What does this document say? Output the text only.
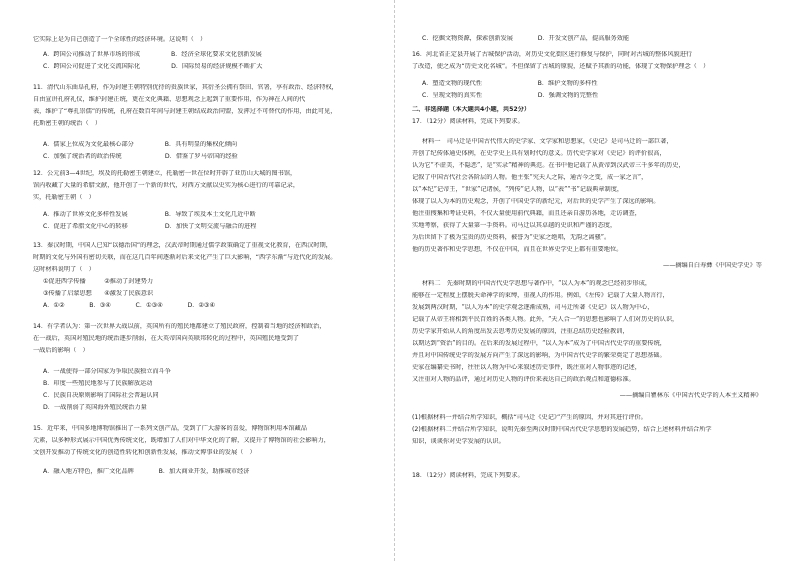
它实际上是为自己创造了一个全球性的经济环境。这说明（　）
A．跨国公司推动了世界市场的形成　　　　　B．经济全球化要求文化创新发展
C．跨国公司促进了文化交流国际化　　　　　D．国际贸易的经济规模不断扩大
11．清代山东曲阜孔府，作为封建王朝特别优待的贵族世家，其衍圣公拥有祭田、官署，享有政治、经济特权，
自由宣讲孔府礼仪，维护封建正统，更在文化典籍、思想观念上起到了重要作用，作为神在人间的代
表，维护了“尊孔崇儒”的传统，孔府在数百年间与封建王朝结成政治同盟，发挥过不可替代的作用，由此可见，
托斯密王朝的统治（　）
A．儒家上位成为文化最核心部分　　　　　B．具有明显的集权化倾向
C．加强了统治者的政治传统　　　　　　　D．借鉴了罗马帝国的经验
12．公元前3—4世纪，埃及的托勒密王朝建立，托勒密一世在位时开辟了亚历山大城的图书馆，
馆内收藏了大量的希腊文献，他开创了一个新的世代，对西方文献以史实为核心进行的可靠记录，
实，托勒密王朝（　）
A．推动了世界文化多样性发展　　　　　　B．导致了埃及本土文化几近中断
C．促进了希腊文化中心的转移　　　　　　D．加快了文明交流与融合的进程
13．秦汉时期，中国人已知“以德治国”的理念，汉武帝时期通过儒学政策确定了重视文化教育，在西汉时期，
时期的文化与外国有密切关联，而在这几百年间逐渐对后来文化产生了巨大影响，“西学东渐”与近代化的发展。
这时材料说明了（　）
①促进西学传播　　　②推动了封建势力
③传播了启蒙思想　　④激发了民族意识
A．①②　　　　B．③④　　　　C．①③④　　　　D．②③④
14．有学者认为：第一次世界大战以前，英国所有的殖民地都建立了殖民政府，控制着当地的经济和政治，
在一战后，英国对殖民地的统治逐步削弱，在大英帝国向英联邦转化的过程中，英国殖民地受到了
一战后的影响（　）
A．一战使得一部分国家为争取民族独立而斗争
B．印度一些殖民地参与了民族解放运动
C．民族自决原则影响了国际社会普遍认同
D．一战削弱了英国海外殖民统治力量
15．近年来，中国多地博物馆推出了一系列文创产品，受到了广大游客的喜爱，博物馆利用本馆藏品
元素，以多种形式展示中国优秀传统文化，既增加了人们对中华文化的了解，又提升了博物馆的社会影响力，
文创开发推动了传统文化的创造性转化和创新性发展，推动文博事业的发展（　）
A．融入地方特色，推广文化品牌　　　　B．加大商业开发，助推城市经济
C．挖掘文物资源，探索创新发展　　　　D．开发文创产品，提高服务效能
16．河北省正定县开展了古城保护活动，对历史文化街区进行修复与保护，同时对古城的整体风貌进行
了改造，使之成为“历史文化名城”。不但保留了古城的原貌，还赋予其新的功能，体现了文物保护理念（　）
A．塑造文物的现代性　　　　　　　　　B．维护文物的多样性
C．呈现文物的真实性　　　　　　　　　D．强调文物的完整性
二、非选择题（本大题共4小题，共52分）
17．（12分）阅读材料，完成下列要求。
材料一　司马迁是中国古代伟大的史学家、文学家和思想家，《史记》是司马迁的一部巨著，
开创了纪传体通史体例，在史学史上具有划时代的意义。历代史学家对《史记》的评价很高，
认为它“不虚美，不隐恶”，是“实录”精神的典范。在书中他记载了从黄帝到汉武帝三千多年的历史，
记叙了中国古代社会各阶层的人物。他主张“究天人之际，通古今之变，成一家之言”，
以“本纪”记帝王，“世家”记诸侯，“列传”记人物，以“表”“书”记载典章制度，
体现了以人为本的历史观念，开创了中国史学的新纪元，对后世的史学产生了深远的影响。
他注重搜集和考证史料，不仅大量使用前代典籍，而且还亲自游历各地，走访调查，
实地考察，获得了大量第一手资料。司马迁以其卓越的史识和严谨的态度，
为后世留下了极为宝贵的历史资料，被誉为“史家之绝唱，无韵之离骚”。
他的历史著作和史学思想，不仅在中国，而且在世界史学史上都有重要地位。
——摘编自白寿彝《中国史学史》等
材料二　先秦时期的中国古代史学思想与著作中，“以人为本”的观念已经初步形成，
能够在一定程度上摆脱天命神学的束缚，重视人的作用。例如，《左传》记载了大量人物言行，
发展到两汉时期，“以人为本”的史学观念逐渐成熟，司马迁所著《史记》以人物为中心，
记载了从帝王将相到平民百姓的各类人物。此外，“天人合一”的思想也影响了人们对历史的认识，
历史学家开始从人的角度出发去思考历史发展的原因，注重总结历史经验教训，
以期达到“资治”的目的。在后来的发展过程中，“以人为本”成为了中国古代史学的重要传统，
并且对中国传统史学的发展方向产生了深远的影响，为中国古代史学的繁荣奠定了思想基础。
史家在编纂史书时，往往以人物为中心来叙述历史事件，既注重对人物事迹的记述，
又注重对人物的品评，通过对历史人物的评价来表达自己的政治观点和道德标准。
——摘编自瞿林东《中国古代史学的人本主义精神》
(1)根据材料一并结合所学知识，概括“司马迁《史记》”产生的原因，并对其进行评价。
(2)根据材料二并结合所学知识，说明先秦至两汉时期中国古代史学思想的发展趋势，结合上述材料并结合所学
知识，谈谈你对史学发展的认识。
18．（12分）阅读材料，完成下列要求。
